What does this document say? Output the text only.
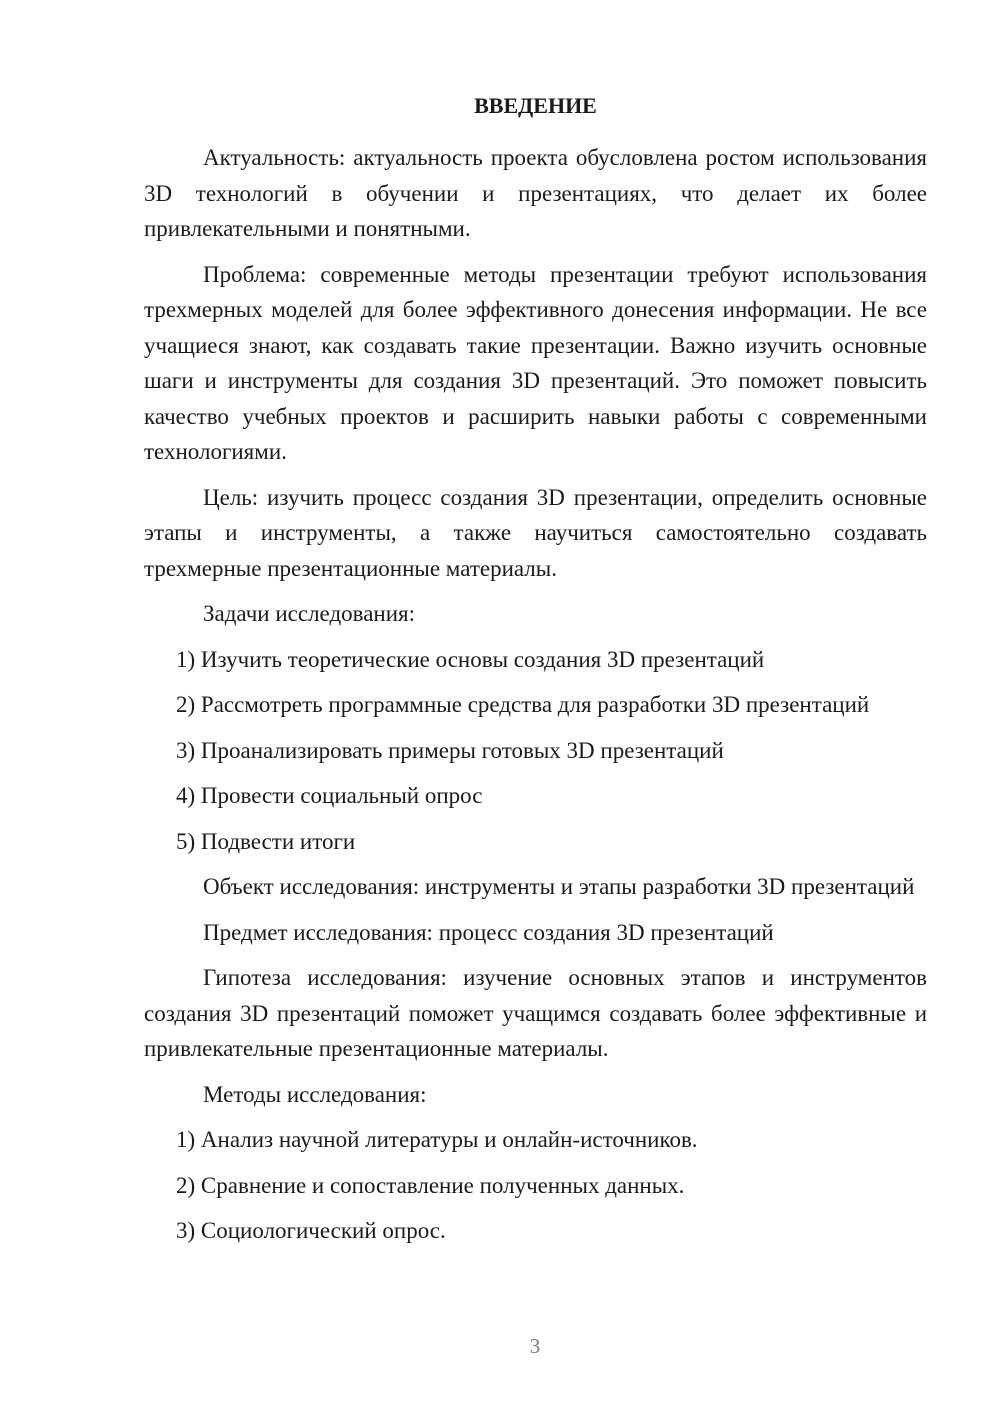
ВВЕДЕНИЕ

Актуальность: актуальность проекта обусловлена ростом использования 3D технологий в обучении и презентациях, что делает их более привлекательными и понятными.

Проблема: современные методы презентации требуют использования трехмерных моделей для более эффективного донесения информации. Не все учащиеся знают, как создавать такие презентации. Важно изучить основные шаги и инструменты для создания 3D презентаций. Это поможет повысить качество учебных проектов и расширить навыки работы с современными технологиями.

Цель: изучить процесс создания 3D презентации, определить основные этапы и инструменты, а также научиться самостоятельно создавать трехмерные презентационные материалы.

Задачи исследования:

1) Изучить теоретические основы создания 3D презентаций

2) Рассмотреть программные средства для разработки 3D презентаций

3) Проанализировать примеры готовых 3D презентаций

4) Провести социальный опрос

5) Подвести итоги

Объект исследования: инструменты и этапы разработки 3D презентаций

Предмет исследования: процесс создания 3D презентаций

Гипотеза исследования: изучение основных этапов и инструментов создания 3D презентаций поможет учащимся создавать более эффективные и привлекательные презентационные материалы.

Методы исследования:

1) Анализ научной литературы и онлайн-источников.

2) Сравнение и сопоставление полученных данных.

3) Социологический опрос.

3
